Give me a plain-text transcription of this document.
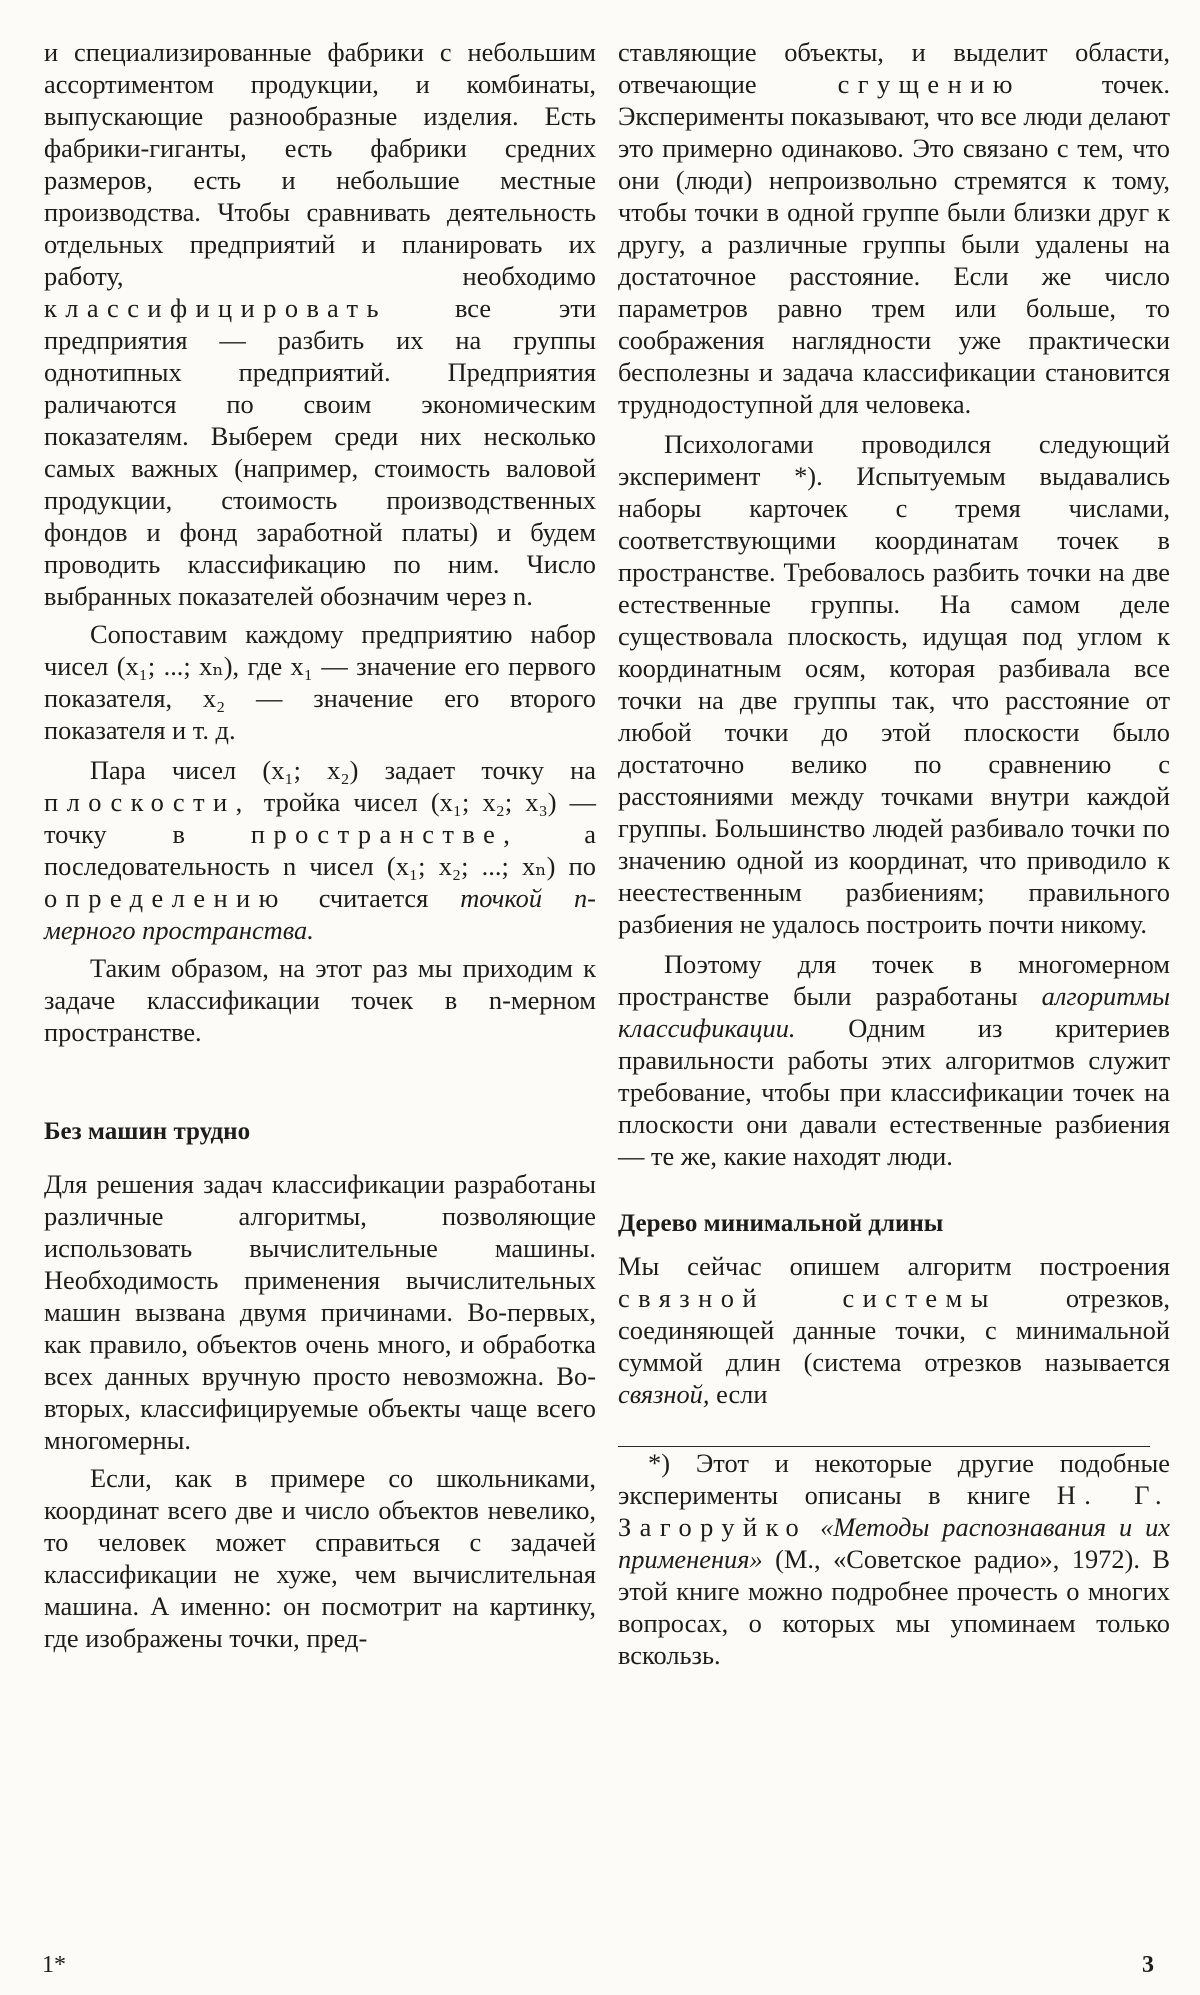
и специализированные фабрики с небольшим ассортиментом продукции, и комбинаты, выпускающие разнообразные изделия. Есть фабрики-гиганты, есть фабрики средних размеров, есть и небольшие местные производства. Чтобы сравнивать деятельность отдельных предприятий и планировать их работу, необходимо классифицировать	все эти предприятия — разбить их на группы однотипных предприятий. Предприятия раличаются по своим экономическим показателям. Выберем среди них несколько самых важных (например, стоимость валовой продукции, стоимость производственных фондов и фонд заработной платы) и будем проводить классификацию по ним. Число выбранных показателей обозначим через n.

Сопоставим каждому предприятию набор чисел (x₁; ...; xₙ), где x₁ — значение его первого показателя, x₂ — значение его второго показателя и т. д.

Пара чисел (x₁; x₂) задает точку на плоскости, тройка чисел (x₁; x₂; x₃) — точку в пространстве, а последовательность n чисел (x₁; x₂; ...; xₙ) по определению считается точкой n-мерного пространства.

Таким образом, на этот раз мы приходим к задаче классификации точек в n-мерном пространстве.

Без машин трудно

Для решения задач классификации разработаны различные алгоритмы, позволяющие использовать вычислительные машины. Необходимость применения вычислительных машин вызвана двумя причинами. Во-первых, как правило, объектов очень много, и обработка всех данных вручную просто невозможна. Во-вторых, классифицируемые объекты чаще всего многомерны.

Если, как в примере со школьниками, координат всего две и число объектов невелико, то человек может справиться с задачей классификации не хуже, чем вычислительная машина. А именно: он посмотрит на картинку, где изображены точки, пред-

ставляющие объекты, и выделит области, отвечающие	сгущению	точек. Эксперименты показывают, что все люди делают это примерно одинаково. Это связано с тем, что они (люди) непроизвольно стремятся к тому, чтобы точки в одной группе были близки друг к другу, а различные группы были удалены на достаточное расстояние. Если же число параметров равно трем или больше, то соображения наглядности уже практически бесполезны и задача классификации становится труднодоступной для человека.

Психологами проводился следующий эксперимент *). Испытуемым выдавались наборы карточек с тремя числами, соответствующими координатам точек в пространстве. Требовалось разбить точки на две естественные группы. На самом деле существовала плоскость, идущая под углом к координатным осям, которая разбивала все точки на две группы так, что расстояние от любой точки до этой плоскости было достаточно велико по сравнению с расстояниями между точками внутри каждой группы. Большинство людей разбивало точки по значению одной из координат, что приводило к неестественным разбиениям; правильного разбиения не удалось построить почти никому.

Поэтому для точек в многомерном пространстве были разработаны алгоритмы классификации. Одним из критериев правильности работы этих алгоритмов служит требование, чтобы при классификации точек на плоскости они давали естественные разбиения — те же, какие находят люди.

Дерево минимальной длины

Мы сейчас опишем алгоритм построения связной системы	отрезков, соединяющей данные точки, с минимальной суммой длин (система отрезков называется связной, если

*) Этот и некоторые другие подобные эксперименты описаны в книге Н. Г. Загоруйко «Методы распознавания и их применения» (М., «Советское радио», 1972). В этой книге можно подробнее прочесть о многих вопросах, о которых мы упоминаем только вскользь.

1*	3
